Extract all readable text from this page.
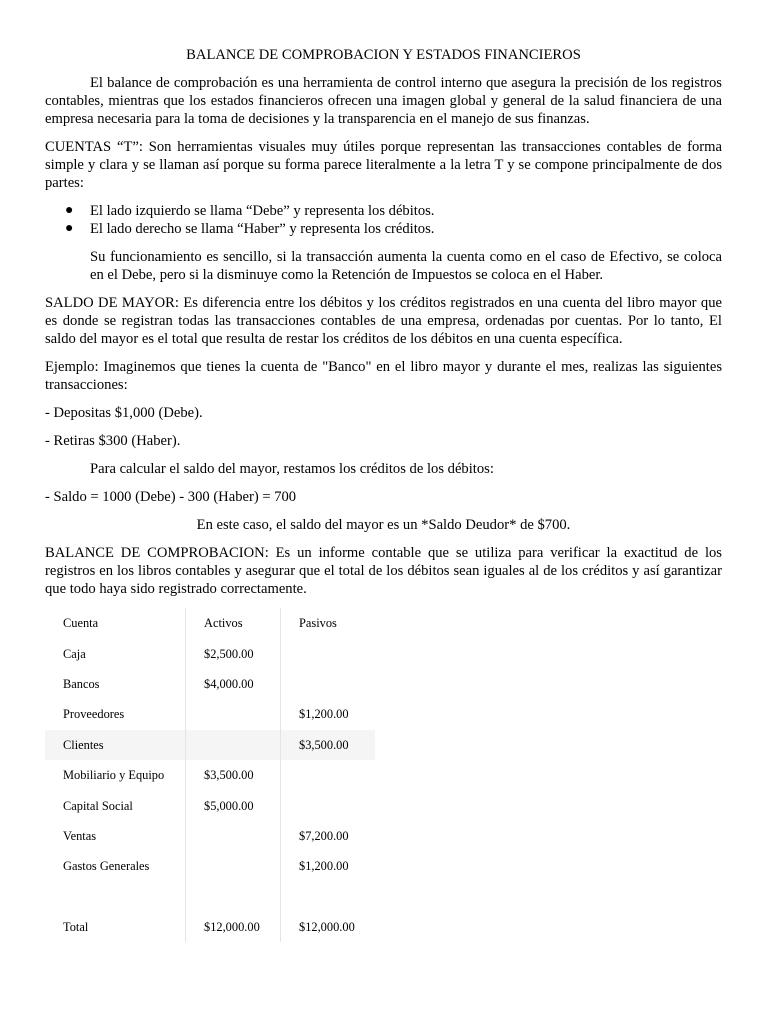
BALANCE DE COMPROBACION Y ESTADOS FINANCIEROS

El balance de comprobación es una herramienta de control interno que asegura la precisión de los registros contables, mientras que los estados financieros ofrecen una imagen global y general de la salud financiera de una empresa necesaria para la toma de decisiones y la transparencia en el manejo de sus finanzas.

CUENTAS “T”: Son herramientas visuales muy útiles porque representan las transacciones contables de forma simple y clara y se llaman así porque su forma parece literalmente a la letra T y se compone principalmente de dos partes:

● El lado izquierdo se llama “Debe” y representa los débitos.
● El lado derecho se llama “Haber” y representa los créditos.

Su funcionamiento es sencillo, si la transacción aumenta la cuenta como en el caso de Efectivo, se coloca en el Debe, pero si la disminuye como la Retención de Impuestos se coloca en el Haber.

SALDO DE MAYOR: Es diferencia entre los débitos y los créditos registrados en una cuenta del libro mayor que es donde se registran todas las transacciones contables de una empresa, ordenadas por cuentas. Por lo tanto, El saldo del mayor es el total que resulta de restar los créditos de los débitos en una cuenta específica.

Ejemplo: Imaginemos que tienes la cuenta de "Banco" en el libro mayor y durante el mes, realizas las siguientes transacciones:

- Depositas $1,000 (Debe).

- Retiras $300 (Haber).

Para calcular el saldo del mayor, restamos los créditos de los débitos:

- Saldo = 1000 (Debe) - 300 (Haber) = 700

En este caso, el saldo del mayor es un *Saldo Deudor* de $700.

BALANCE DE COMPROBACION: Es un informe contable que se utiliza para verificar la exactitud de los registros en los libros contables y asegurar que el total de los débitos sean iguales al de los créditos y así garantizar que todo haya sido registrado correctamente.

Cuenta	Activos	Pasivos
Caja	$2,500.00	
Bancos	$4,000.00	
Proveedores		$1,200.00
Clientes		$3,500.00
Mobiliario y Equipo	$3,500.00	
Capital Social	$5,000.00	
Ventas		$7,200.00
Gastos Generales		$1,200.00

Total	$12,000.00	$12,000.00
